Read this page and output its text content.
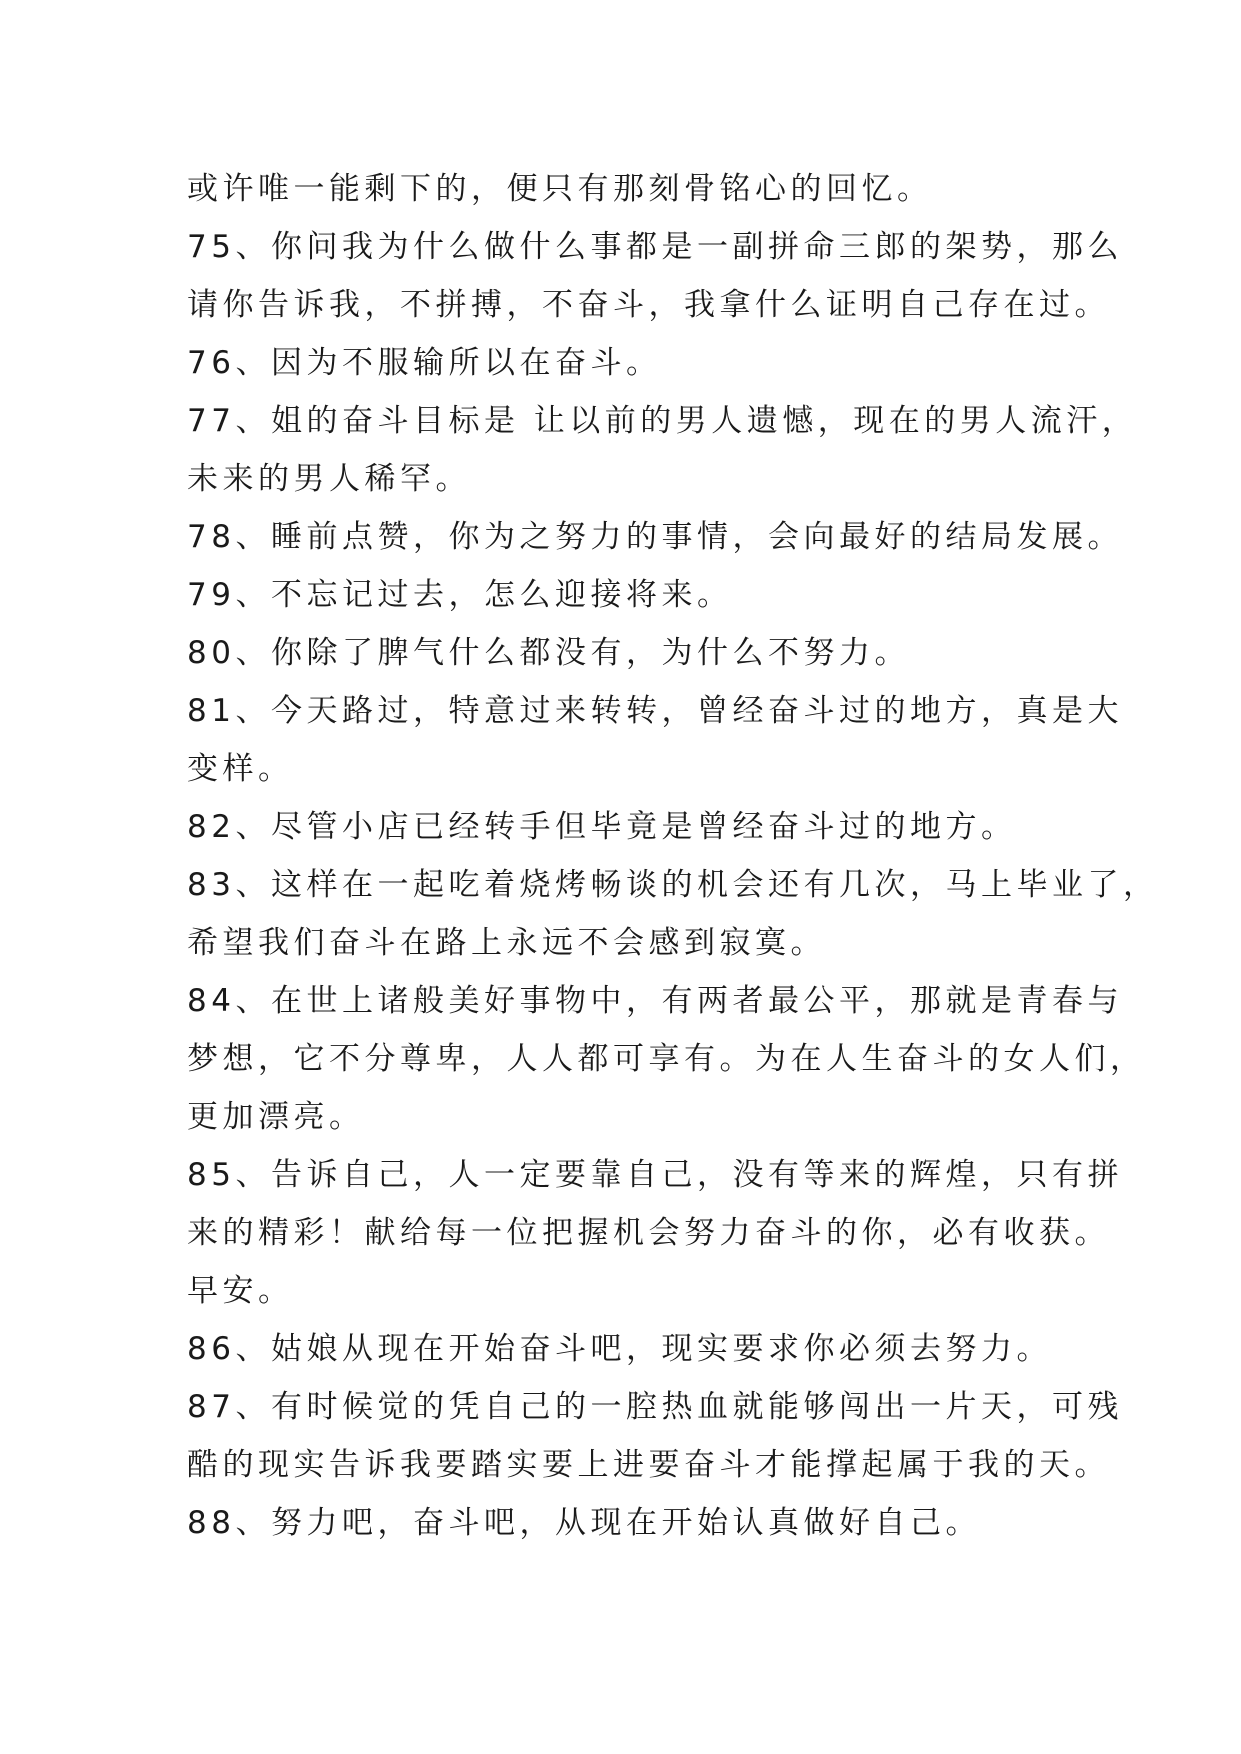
或许唯一能剩下的，便只有那刻骨铭心的回忆。
75、你问我为什么做什么事都是一副拼命三郎的架势，那么
请你告诉我，不拼搏，不奋斗，我拿什么证明自己存在过。
76、因为不服输所以在奋斗。
77、姐的奋斗目标是 让以前的男人遗憾，现在的男人流汗，
未来的男人稀罕。
78、睡前点赞，你为之努力的事情，会向最好的结局发展。
79、不忘记过去，怎么迎接将来。
80、你除了脾气什么都没有，为什么不努力。
81、今天路过，特意过来转转，曾经奋斗过的地方，真是大
变样。
82、尽管小店已经转手但毕竟是曾经奋斗过的地方。
83、这样在一起吃着烧烤畅谈的机会还有几次，马上毕业了，
希望我们奋斗在路上永远不会感到寂寞。
84、在世上诸般美好事物中，有两者最公平，那就是青春与
梦想，它不分尊卑，人人都可享有。为在人生奋斗的女人们，
更加漂亮。
85、告诉自己，人一定要靠自己，没有等来的辉煌，只有拼
来的精彩！献给每一位把握机会努力奋斗的你，必有收获。
早安。
86、姑娘从现在开始奋斗吧，现实要求你必须去努力。
87、有时候觉的凭自己的一腔热血就能够闯出一片天，可残
酷的现实告诉我要踏实要上进要奋斗才能撑起属于我的天。
88、努力吧，奋斗吧，从现在开始认真做好自己。
